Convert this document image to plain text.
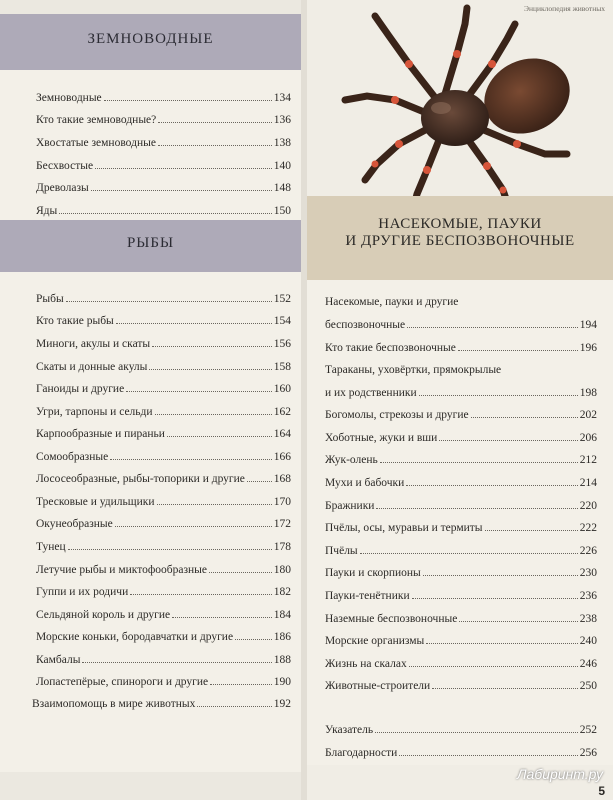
ЗЕМНОВОДНЫЕ
Земноводные	134
Кто такие земноводные?	136
Хвостатые земноводные	138
Бесхвостые	140
Древолазы	148
Яды	150
РЫБЫ
Рыбы	152
Кто такие рыбы	154
Миноги, акулы и скаты	156
Скаты и донные акулы	158
Ганоиды и другие	160
Угри, тарпоны и сельди	162
Карпообразные и пираньи	164
Сомообразные	166
Лососеобразные, рыбы-топорики и другие	168
Тресковые и удильщики	170
Окунеобразные	172
Тунец	178
Летучие рыбы и миктофообразные	180
Гуппи и их родичи	182
Сельдяной король и другие	184
Морские коньки, бородавчатки и другие	186
Камбалы	188
Лопастепёрые, спинороги и другие	190
Взаимопомощь в мире животных	192
Энциклопедия животных
НАСЕКОМЫЕ, ПАУКИ
И ДРУГИЕ БЕСПОЗВОНОЧНЫЕ
Насекомые, пауки и другие
беспозвоночные	194
Кто такие беспозвоночные	196
Тараканы, уховёртки, прямокрылые
и их родственники	198
Богомолы, стрекозы и другие	202
Хоботные, жуки и вши	206
Жук-олень	212
Мухи и бабочки	214
Бражники	220
Пчёлы, осы, муравьи и термиты	222
Пчёлы	226
Пауки и скорпионы	230
Пауки-тенётники	236
Наземные беспозвоночные	238
Морские организмы	240
Жизнь на скалах	246
Животные-строители	250
Указатель	252
Благодарности	256
Лабиринт.ру
5
